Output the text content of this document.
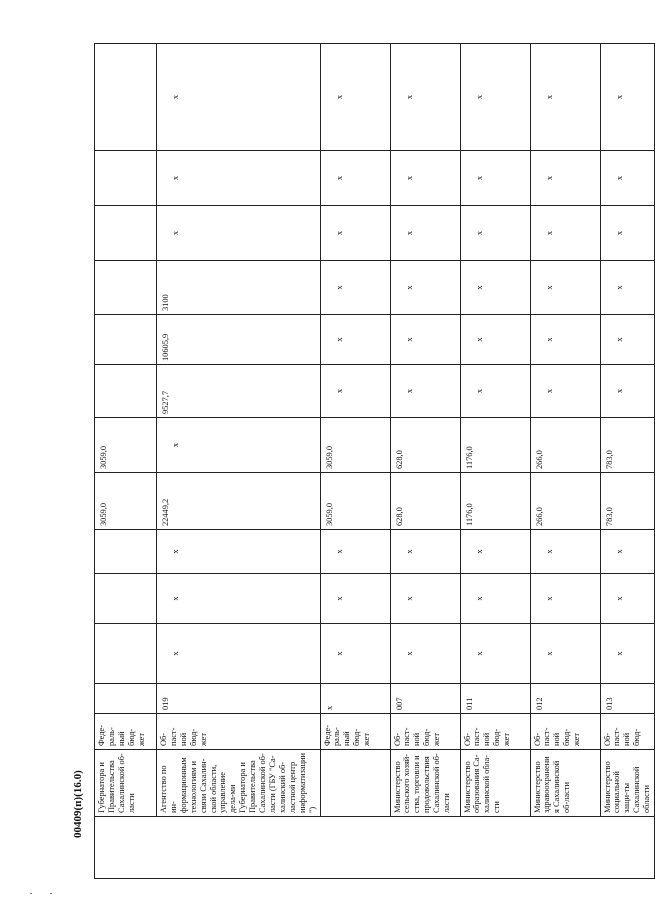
	Губернатора и Правительства Сахалинской об-ласти	Феде-раль-ный бюд-жет					3059,0	3059,0						
	Агентство по ин-формационным технологиям и связи Сахалин-ской области, управление дела-ми Губернатора и Правительства Сахалинской об-ласти (ГБУ "Са-халинский об-ластной центр информатизации")	Об-паст-ной бюд-жет	019	х	х	х	22449,2	х	9527,7	10605,9	3100	х	х	х
		Феде-раль-ный бюд-жет	х	х	х	х	3059,0	3059,0	х	х	х	х	х	х
	Министерство сельского хозяй-ства, торговли и продовольствия Сахалинской об-ласти	Об-паст-ной бюд-жет	007	х	х	х	628,0	628,0	х	х	х	х	х	х
	Министерство образования Са-халинской обла-сти	Об-паст-ной бюд-жет	011	х	х	х	1176,0	1176,0	х	х	х	х	х	х
	Министерство здравоохранения Сахалинской об-ласти	Об-паст-ной бюд-жет	012	х	х	х	266,0	266,0	х	х	х	х	х	х
	Министерство социальной защи-ты Сахалинской области	Об-паст-ной бюд-	013	х	х	х	783,0	783,0	х	х	х	х	х	х
00409(п)(16.0)
